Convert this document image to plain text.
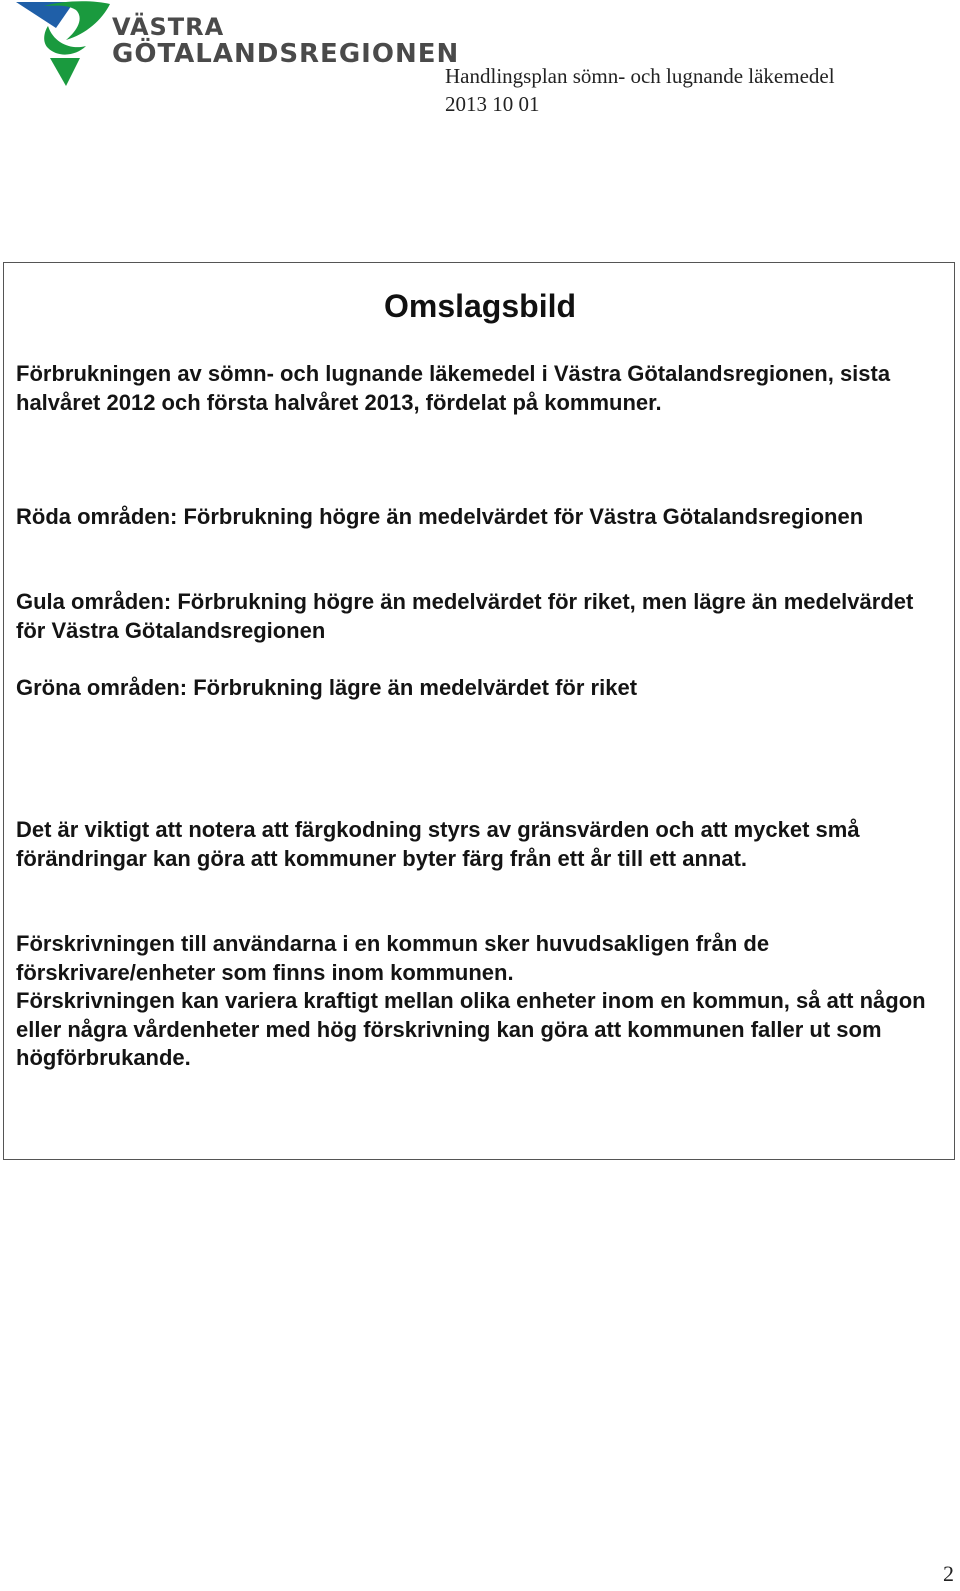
VÄSTRA
GÖTALANDSREGIONEN
Handlingsplan sömn- och lugnande läkemedel
2013 10 01
Omslagsbild
Förbrukningen av sömn- och lugnande läkemedel i Västra Götalandsregionen, sista halvåret 2012 och första halvåret 2013, fördelat på kommuner.
Röda områden: Förbrukning högre än medelvärdet för Västra Götalandsregionen
Gula områden: Förbrukning högre än medelvärdet för riket, men lägre än medelvärdet för Västra Götalandsregionen
Gröna områden: Förbrukning lägre än medelvärdet för riket
Det är viktigt att notera att färgkodning styrs av gränsvärden och att mycket små förändringar kan göra att kommuner byter färg från ett år till ett annat.
Förskrivningen till användarna i en kommun sker huvudsakligen från de förskrivare/enheter som finns inom kommunen.
Förskrivningen kan variera kraftigt mellan olika enheter inom en kommun, så att någon eller några vårdenheter med hög förskrivning kan göra att kommunen faller ut som högförbrukande.
2
